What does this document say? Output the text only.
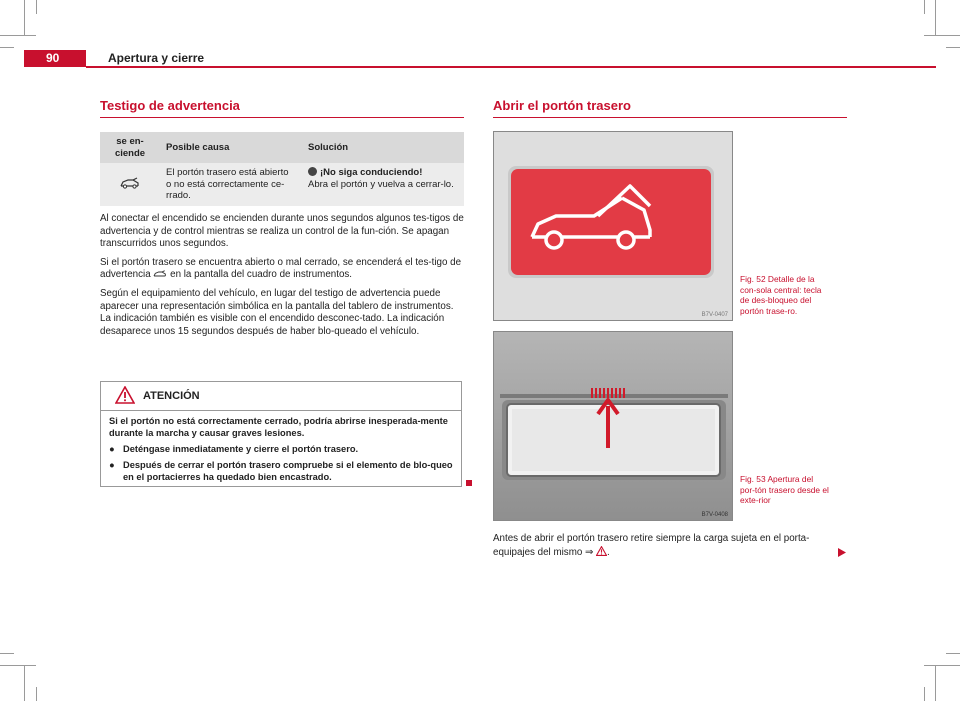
90	Apertura y cierre
Testigo de advertencia
se en-
ciende	Posible causa	Solución
	El portón trasero está abierto o no está correctamente ce-rrado.	¡No siga conduciendo!
Abra el portón y vuelva a cerrar-lo.

Al conectar el encendido se encienden durante unos segundos algunos tes-tigos de advertencia y de control mientras se realiza un control de la fun-ción. Se apagan transcurridos unos segundos.

Si el portón trasero se encuentra abierto o mal cerrado, se encenderá el tes-tigo de advertencia en la pantalla del cuadro de instrumentos.

Según el equipamiento del vehículo, en lugar del testigo de advertencia puede aparecer una representación simbólica en la pantalla del tablero de instrumentos. La indicación también es visible con el encendido desconec-tado. La indicación desaparece unos 15 segundos después de haber blo-queado el vehículo.

ATENCIÓN
Si el portón no está correctamente cerrado, podría abrirse inesperada-mente durante la marcha y causar graves lesiones.
● Deténgase inmediatamente y cierre el portón trasero.
● Después de cerrar el portón trasero compruebe si el elemento de blo-queo en el portacierres ha quedado bien encastrado.
Abrir el portón trasero
B7V-0407
Fig. 52 Detalle de la con-sola central: tecla de des-bloqueo del portón trase-ro.
B7V-0408
Fig. 53 Apertura del por-tón trasero desde el exte-rior
Antes de abrir el portón trasero retire siempre la carga sujeta en el porta-equipajes del mismo ⇒ .
